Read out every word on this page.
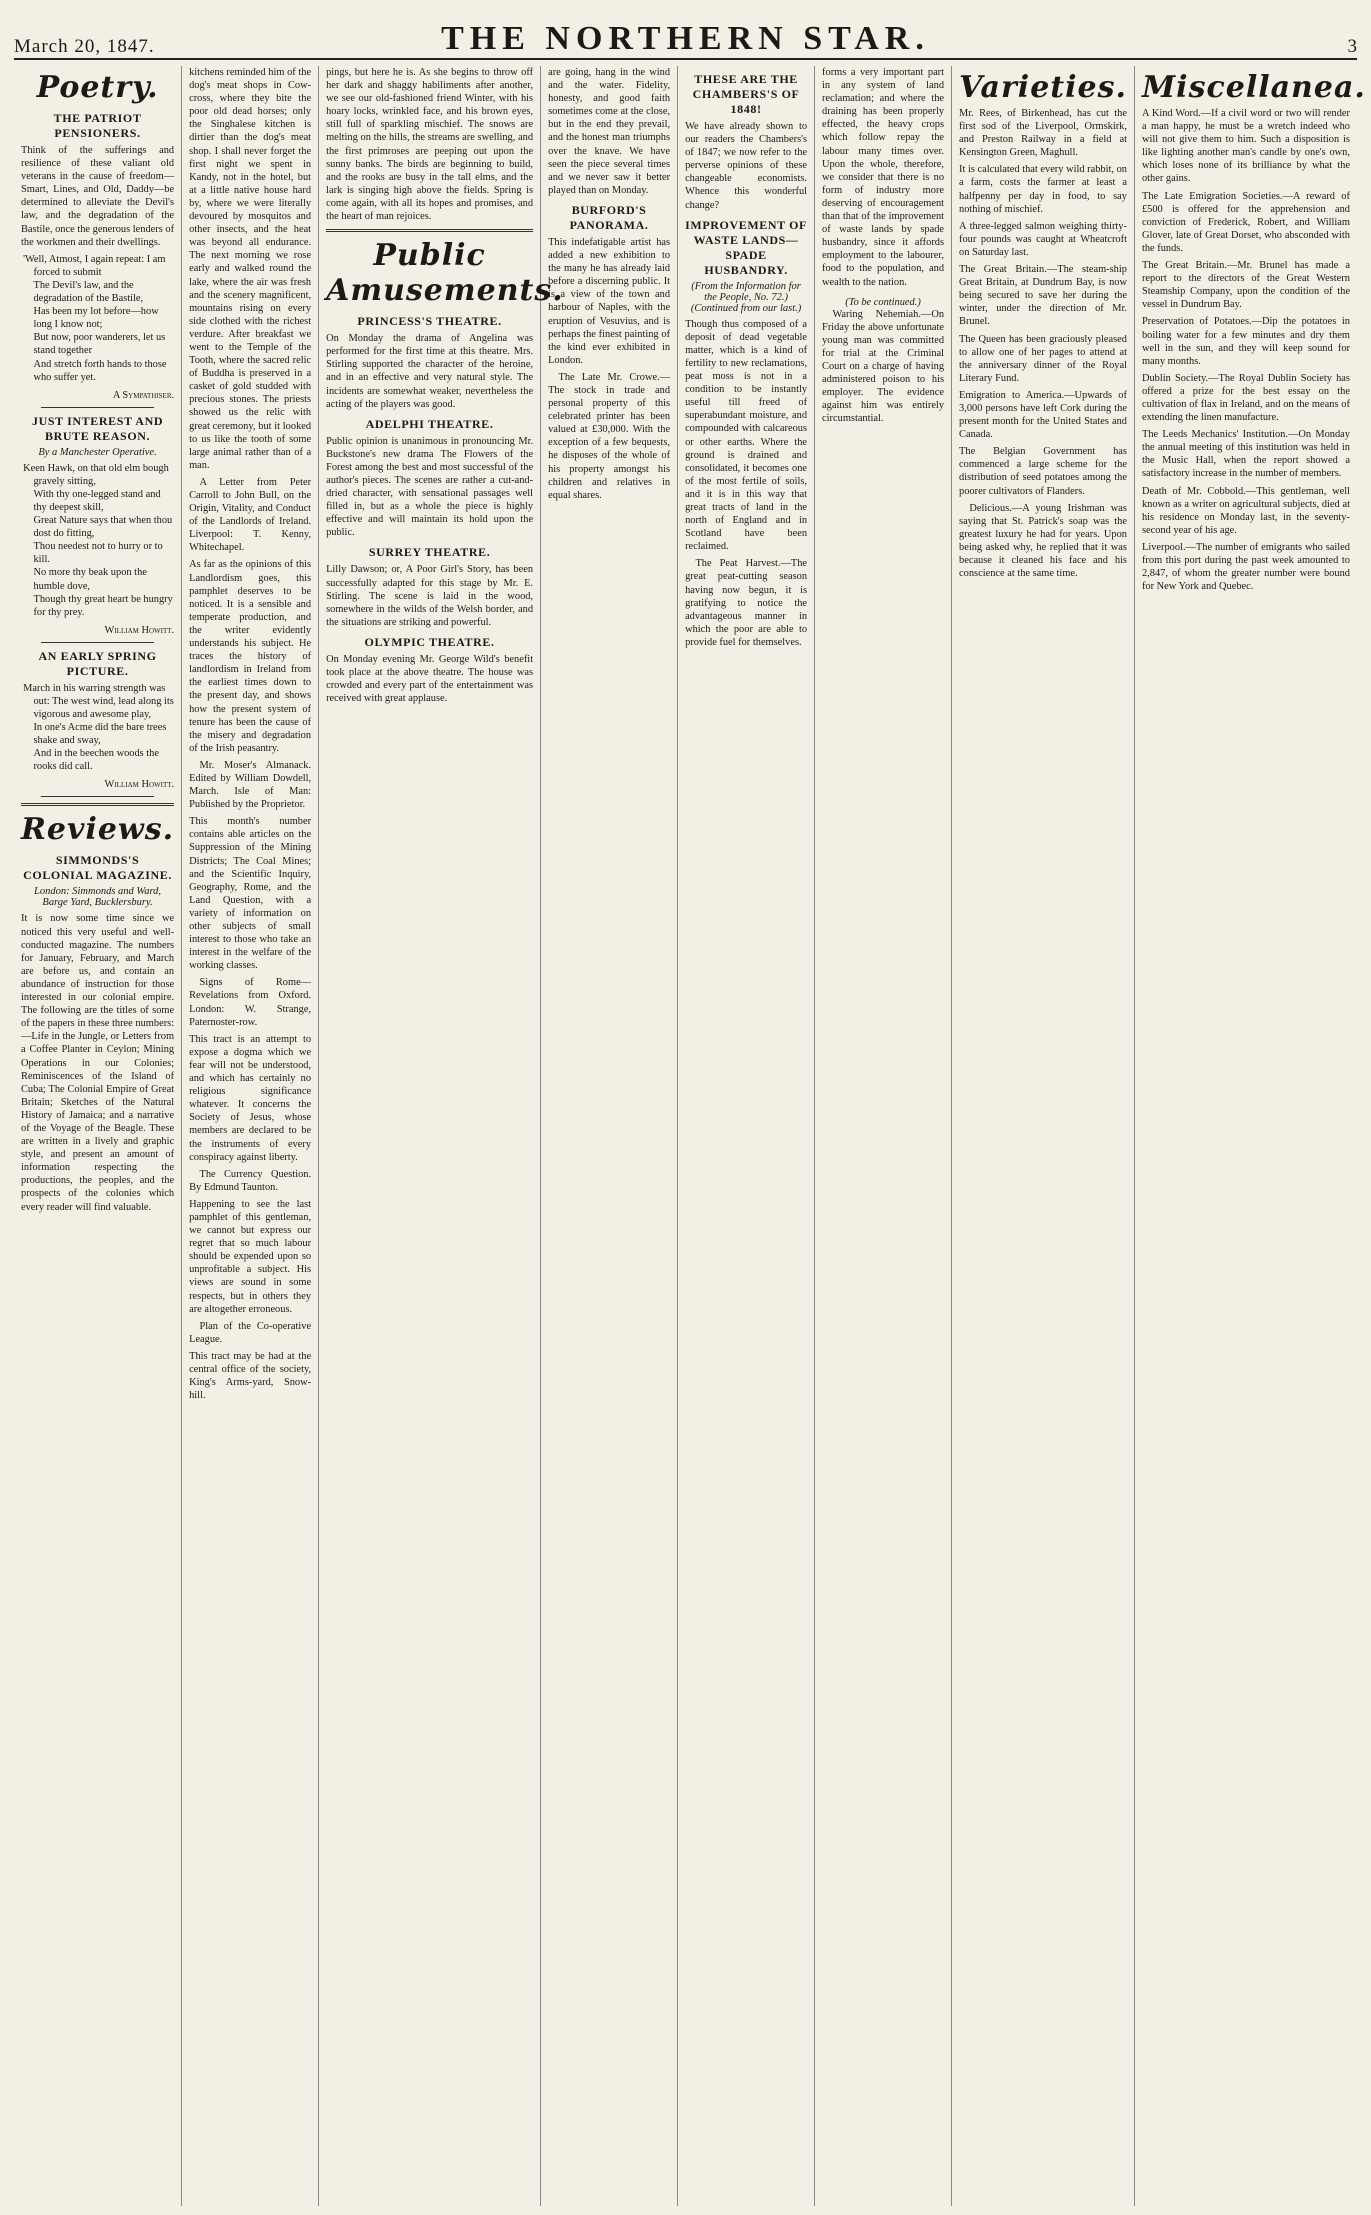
March 20, 1847.	THE NORTHERN STAR.	3
Poetry.
THE PATRIOT PENSIONERS.

Think of the sufferings and resilience of these valiant old veterans in the cause of freedom—Smart, Lines, and Old, Daddy—be determined to alleviate the Devil's law, and the degradation of the Bastile, once the generous lenders of the workmen and their dwellings.

'Well, Atmost, I again repeat: I am forced to submit
The Devil's law, and the degradation of the Bastile,
Has been my lot before—how long I know not;
But now, poor wanderers, let us stand together
And stretch forth hands to those who suffer yet.
A Sympathiser.
JUST INTEREST AND BRUTE REASON.
By a Manchester Operative.
Keen Hawk, on that old elm bough gravely sitting,
With thy one-legged stand and thy deepest skill,
Great Nature says that when thou dost do fitting,
Thou needest not to hurry or to kill.
No more thy beak upon the humble dove,
Though thy great heart be hungry for thy prey.
William Howitt.
AN EARLY SPRING PICTURE.
March in his warring strength was out: The west wind, lead along its vigorous and awesome play,
In one's Acme did the bare trees shake and sway,
And in the beechen woods the rooks did call.
William Howitt.
Reviews.
SIMMONDS'S COLONIAL MAGAZINE.
London: Simmonds and Ward, Barge Yard, Bucklersbury.

It is now some time since we noticed this very useful and well-conducted magazine. The numbers for January, February, and March are before us, and contain an abundance of instruction for those interested in our colonial empire. The following are the titles of some of the papers in these three numbers:—Life in the Jungle, or Letters from a Coffee Planter in Ceylon; Mining Operations in our Colonies; Reminiscences of the Island of Cuba; The Colonial Empire of Great Britain; Sketches of the Natural History of Jamaica; and a narrative of the Voyage of the Beagle. These are written in a lively and graphic style, and present an amount of information respecting the productions, the peoples, and the prospects of the colonies which every reader will find valuable.

kitchens reminded him of the dog's meat shops in Cow-cross, where they bite the poor old dead horses; only the Singhalese kitchen is dirtier than the dog's meat shop. I shall never forget the first night we spent in Kandy, not in the hotel, but at a little native house hard by, where we were literally devoured by mosquitos and other insects, and the heat was beyond all endurance. The next morning we rose early and walked round the lake, where the air was fresh and the scenery magnificent, mountains rising on every side clothed with the richest verdure. After breakfast we went to the Temple of the Tooth, where the sacred relic of Buddha is preserved in a casket of gold studded with precious stones. The priests showed us the relic with great ceremony, but it looked to us like the tooth of some large animal rather than of a man.

A Letter from Peter Carroll to John Bull, on the Origin, Vitality, and Conduct of the Landlords of Ireland. Liverpool: T. Kenny, Whitechapel.

As far as the opinions of this Landlordism goes, this pamphlet deserves to be noticed. It is a sensible and temperate production, and the writer evidently understands his subject. He traces the history of landlordism in Ireland from the earliest times down to the present day, and shows how the present system of tenure has been the cause of the misery and degradation of the Irish peasantry.

Mr. Moser's Almanack. Edited by William Dowdell, March. Isle of Man: Published by the Proprietor.

This month's number contains able articles on the Suppression of the Mining Districts; The Coal Mines; and the Scientific Inquiry, Geography, Rome, and the Land Question, with a variety of information on other subjects of small interest to those who take an interest in the welfare of the working classes.

Signs of Rome—Revelations from Oxford. London: W. Strange, Paternoster-row.

This tract is an attempt to expose a dogma which we fear will not be understood, and which has certainly no religious significance whatever. It concerns the Society of Jesus, whose members are declared to be the instruments of every conspiracy against liberty.

The Currency Question. By Edmund Taunton.

Happening to see the last pamphlet of this gentleman, we cannot but express our regret that so much labour should be expended upon so unprofitable a subject. His views are sound in some respects, but in others they are altogether erroneous.

Plan of the Co-operative League.

This tract may be had at the central office of the society, King's Arms-yard, Snow-hill.

pings, but here he is. As she begins to throw off her dark and shaggy habiliments after another, we see our old-fashioned friend Winter, with his hoary locks, wrinkled face, and his brown eyes, still full of sparkling mischief. The snows are melting on the hills, the streams are swelling, and the first primroses are peeping out upon the sunny banks. The birds are beginning to build, and the rooks are busy in the tall elms, and the lark is singing high above the fields. Spring is come again, with all its hopes and promises, and the heart of man rejoices.

Public Amusements.
PRINCESS'S THEATRE.

On Monday the drama of Angelina was performed for the first time at this theatre. Mrs. Stirling supported the character of the heroine, and in an effective and very natural style. The incidents are somewhat weaker, nevertheless the acting of the players was good.

ADELPHI THEATRE.

Public opinion is unanimous in pronouncing Mr. Buckstone's new drama The Flowers of the Forest among the best and most successful of the author's pieces. The scenes are rather a cut-and-dried character, with sensational passages well filled in, but as a whole the piece is highly effective and will maintain its hold upon the public.

SURREY THEATRE.

Lilly Dawson; or, A Poor Girl's Story, has been successfully adapted for this stage by Mr. E. Stirling. The scene is laid in the wood, somewhere in the wilds of the Welsh border, and the situations are striking and powerful.

OLYMPIC THEATRE.

On Monday evening Mr. George Wild's benefit took place at the above theatre. The house was crowded and every part of the entertainment was received with great applause.

are going, hang in the wind and the water. Fidelity, honesty, and good faith sometimes come at the close, but in the end they prevail, and the honest man triumphs over the knave. We have seen the piece several times and we never saw it better played than on Monday.

BURFORD'S PANORAMA.

This indefatigable artist has added a new exhibition to the many he has already laid before a discerning public. It is a view of the town and harbour of Naples, with the eruption of Vesuvius, and is perhaps the finest painting of the kind ever exhibited in London.

The Late Mr. Crowe.—The stock in trade and personal property of this celebrated printer has been valued at £30,000. With the exception of a few bequests, he disposes of the whole of his property amongst his children and relatives in equal shares.

THESE ARE THE CHAMBERS'S OF 1848!

We have already shown to our readers the Chambers's of 1847; we now refer to the perverse opinions of these changeable economists. Whence this wonderful change?

IMPROVEMENT OF WASTE LANDS—SPADE HUSBANDRY.
(From the Information for the People, No. 72.) (Continued from our last.)

Though thus composed of a deposit of dead vegetable matter, which is a kind of fertility to new reclamations, peat moss is not in a condition to be instantly useful till freed of superabundant moisture, and compounded with calcareous or other earths. Where the ground is drained and consolidated, it becomes one of the most fertile of soils, and it is in this way that great tracts of land in the north of England and in Scotland have been reclaimed.

The Peat Harvest.—The great peat-cutting season having now begun, it is gratifying to notice the advantageous manner in which the poor are able to provide fuel for themselves.

forms a very important part in any system of land reclamation; and where the draining has been properly effected, the heavy crops which follow repay the labour many times over. Upon the whole, therefore, we consider that there is no form of industry more deserving of encouragement than that of the improvement of waste lands by spade husbandry, since it affords employment to the labourer, food to the population, and wealth to the nation.

(To be continued.)

Waring Nehemiah.—On Friday the above unfortunate young man was committed for trial at the Criminal Court on a charge of having administered poison to his employer. The evidence against him was entirely circumstantial.

Varieties.

Mr. Rees, of Birkenhead, has cut the first sod of the Liverpool, Ormskirk, and Preston Railway in a field at Kensington Green, Maghull.

It is calculated that every wild rabbit, on a farm, costs the farmer at least a halfpenny per day in food, to say nothing of mischief.

A three-legged salmon weighing thirty-four pounds was caught at Wheatcroft on Saturday last.

The Great Britain.—The steam-ship Great Britain, at Dundrum Bay, is now being secured to save her during the winter, under the direction of Mr. Brunel.

The Queen has been graciously pleased to allow one of her pages to attend at the anniversary dinner of the Royal Literary Fund.

Emigration to America.—Upwards of 3,000 persons have left Cork during the present month for the United States and Canada.

The Belgian Government has commenced a large scheme for the distribution of seed potatoes among the poorer cultivators of Flanders.

Delicious.—A young Irishman was saying that St. Patrick's soap was the greatest luxury he had for years. Upon being asked why, he replied that it was because it cleaned his face and his conscience at the same time.

Miscellanea.

A Kind Word.—If a civil word or two will render a man happy, he must be a wretch indeed who will not give them to him. Such a disposition is like lighting another man's candle by one's own, which loses none of its brilliance by what the other gains.

The Late Emigration Societies.—A reward of £500 is offered for the apprehension and conviction of Frederick, Robert, and William Glover, late of Great Dorset, who absconded with the funds.

The Great Britain.—Mr. Brunel has made a report to the directors of the Great Western Steamship Company, upon the condition of the vessel in Dundrum Bay.

Preservation of Potatoes.—Dip the potatoes in boiling water for a few minutes and dry them well in the sun, and they will keep sound for many months.

Dublin Society.—The Royal Dublin Society has offered a prize for the best essay on the cultivation of flax in Ireland, and on the means of extending the linen manufacture.

The Leeds Mechanics' Institution.—On Monday the annual meeting of this institution was held in the Music Hall, when the report showed a satisfactory increase in the number of members.

Death of Mr. Cobbold.—This gentleman, well known as a writer on agricultural subjects, died at his residence on Monday last, in the seventy-second year of his age.

Liverpool.—The number of emigrants who sailed from this port during the past week amounted to 2,847, of whom the greater number were bound for New York and Quebec.
